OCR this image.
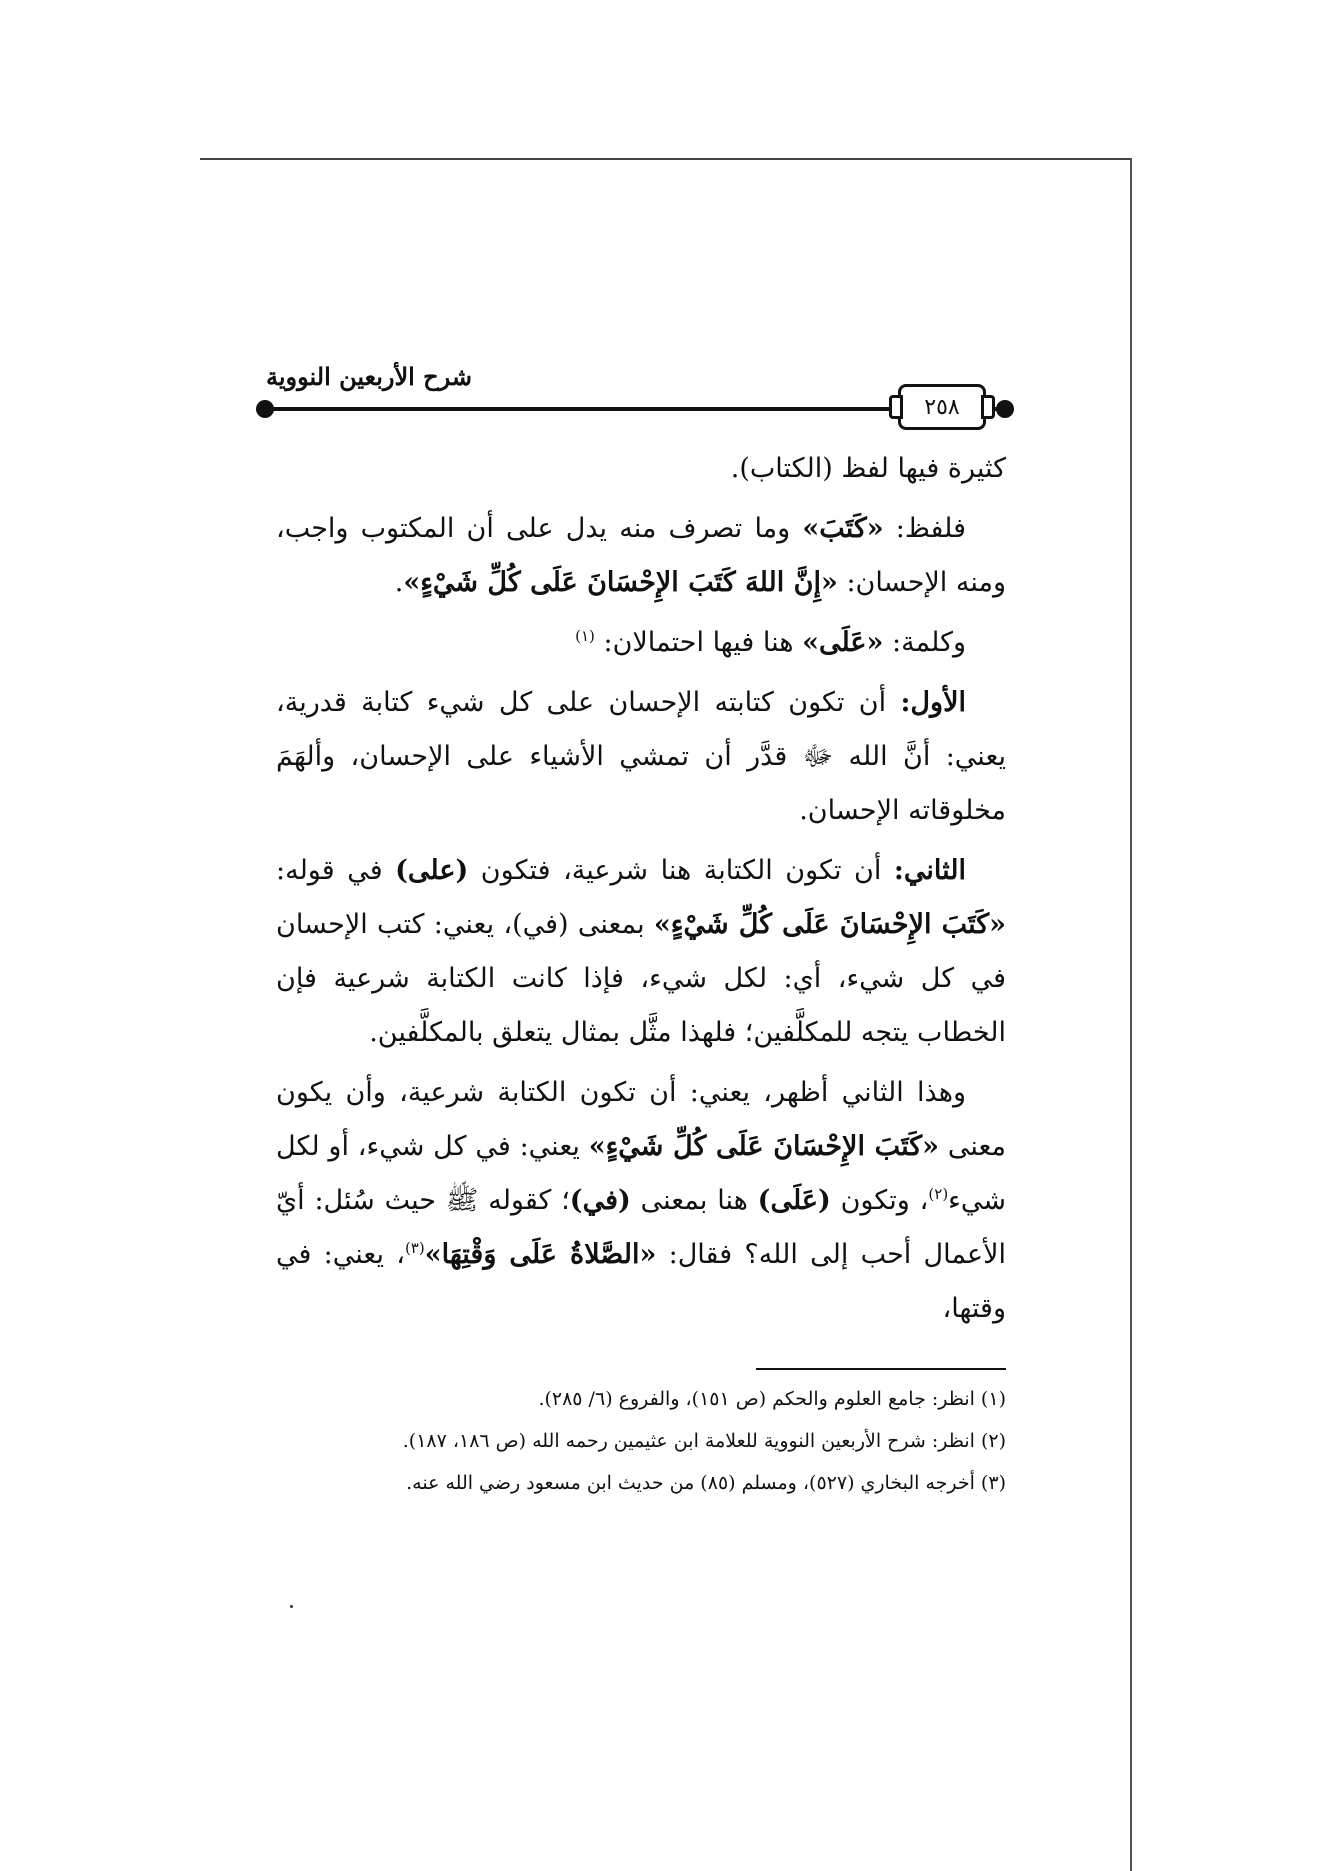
شرح الأربعين النووية
٢٥٨

كثيرة فيها لفظ (الكتاب).

فلفظ: «كَتَبَ» وما تصرف منه يدل على أن المكتوب واجب، ومنه الإحسان: «إِنَّ اللهَ كَتَبَ الإِحْسَانَ عَلَى كُلِّ شَيْءٍ».

وكلمة: «عَلَى» هنا فيها احتمالان: $^{(١)}$

الأول: أن تكون كتابته الإحسان على كل شيء كتابة قدرية، يعني: أنَّ الله ﷻ قدَّر أن تمشي الأشياء على الإحسان، وألهَمَ مخلوقاته الإحسان.

الثاني: أن تكون الكتابة هنا شرعية، فتكون (على) في قوله: «كَتَبَ الإِحْسَانَ عَلَى كُلِّ شَيْءٍ» بمعنى (في)، يعني: كتب الإحسان في كل شيء، أي: لكل شيء، فإذا كانت الكتابة شرعية فإن الخطاب يتجه للمكلَّفين؛ فلهذا مثَّل بمثال يتعلق بالمكلَّفين.

وهذا الثاني أظهر، يعني: أن تكون الكتابة شرعية، وأن يكون معنى «كَتَبَ الإِحْسَانَ عَلَى كُلِّ شَيْءٍ» يعني: في كل شيء، أو لكل شيء$^{(٢)}$، وتكون (عَلَى) هنا بمعنى (في)؛ كقوله ﷺ حيث سُئل: أيّ الأعمال أحب إلى الله؟ فقال: «الصَّلاةُ عَلَى وَقْتِهَا»$^{(٣)}$، يعني: في وقتها،

(١) انظر: جامع العلوم والحكم (ص ١٥١)، والفروع (٦/ ٢٨٥).
(٢) انظر: شرح الأربعين النووية للعلامة ابن عثيمين رحمه الله (ص ١٨٦، ١٨٧).
(٣) أخرجه البخاري (٥٢٧)، ومسلم (٨٥) من حديث ابن مسعود رضي الله عنه.
